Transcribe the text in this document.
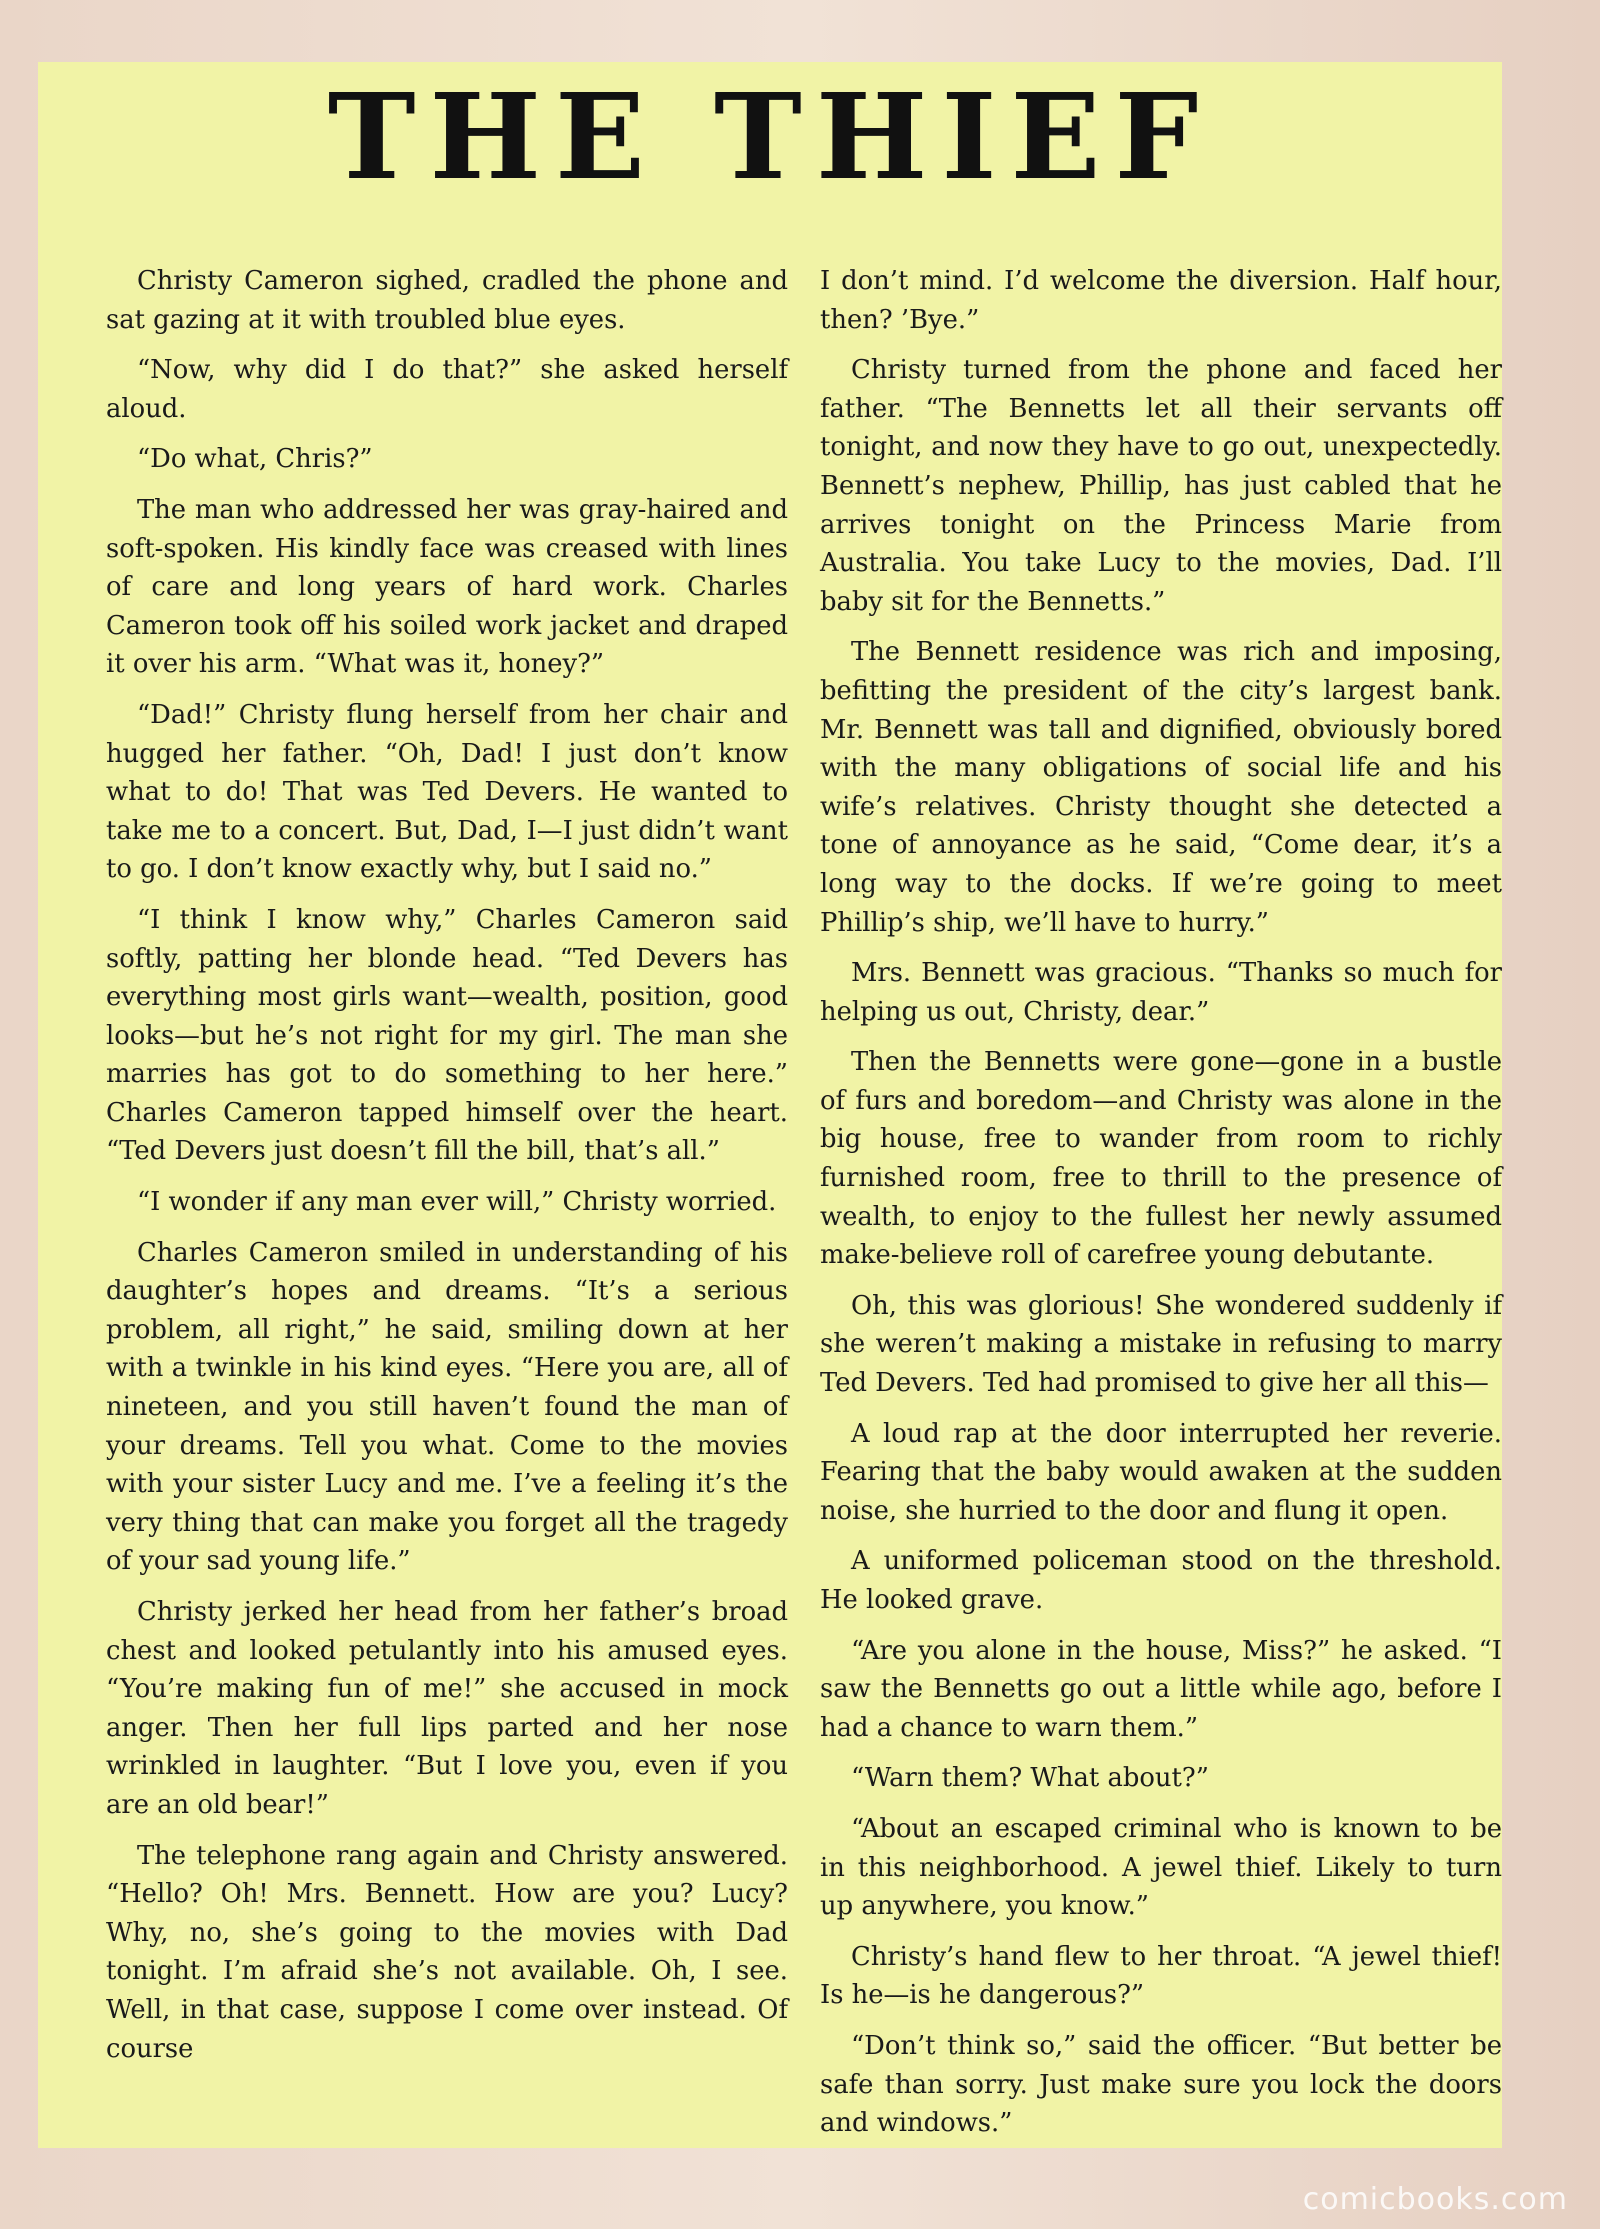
THE THIEF

Christy Cameron sighed, cradled the phone and sat gazing at it with troubled blue eyes.

“Now, why did I do that?” she asked herself aloud.

“Do what, Chris?”

The man who addressed her was gray-haired and soft-spoken. His kindly face was creased with lines of care and long years of hard work. Charles Cameron took off his soiled work jacket and draped it over his arm. “What was it, honey?”

“Dad!” Christy flung herself from her chair and hugged her father. “Oh, Dad! I just don’t know what to do! That was Ted Devers. He wanted to take me to a concert. But, Dad, I—I just didn’t want to go. I don’t know exactly why, but I said no.”

“I think I know why,” Charles Cameron said softly, patting her blonde head. “Ted Devers has everything most girls want—wealth, position, good looks—but he’s not right for my girl. The man she marries has got to do something to her here.” Charles Cameron tapped himself over the heart. “Ted Devers just doesn’t fill the bill, that’s all.”

“I wonder if any man ever will,” Christy worried.

Charles Cameron smiled in understanding of his daughter’s hopes and dreams. “It’s a serious problem, all right,” he said, smiling down at her with a twinkle in his kind eyes. “Here you are, all of nineteen, and you still haven’t found the man of your dreams. Tell you what. Come to the movies with your sister Lucy and me. I’ve a feeling it’s the very thing that can make you forget all the tragedy of your sad young life.”

Christy jerked her head from her father’s broad chest and looked petulantly into his amused eyes. “You’re making fun of me!” she accused in mock anger. Then her full lips parted and her nose wrinkled in laughter. “But I love you, even if you are an old bear!”

The telephone rang again and Christy answered. “Hello? Oh! Mrs. Bennett. How are you? Lucy? Why, no, she’s going to the movies with Dad tonight. I’m afraid she’s not available. Oh, I see. Well, in that case, suppose I come over instead. Of course

I don’t mind. I’d welcome the diversion. Half hour, then? ’Bye.”

Christy turned from the phone and faced her father. “The Bennetts let all their servants off tonight, and now they have to go out, unexpectedly. Bennett’s nephew, Phillip, has just cabled that he arrives tonight on the Princess Marie from Australia. You take Lucy to the movies, Dad. I’ll baby sit for the Bennetts.”

The Bennett residence was rich and imposing, befitting the president of the city’s largest bank. Mr. Bennett was tall and dignified, obviously bored with the many obligations of social life and his wife’s relatives. Christy thought she detected a tone of annoyance as he said, “Come dear, it’s a long way to the docks. If we’re going to meet Phillip’s ship, we’ll have to hurry.”

Mrs. Bennett was gracious. “Thanks so much for helping us out, Christy, dear.”

Then the Bennetts were gone—gone in a bustle of furs and boredom—and Christy was alone in the big house, free to wander from room to richly furnished room, free to thrill to the presence of wealth, to enjoy to the fullest her newly assumed make-believe roll of carefree young debutante.

Oh, this was glorious! She wondered suddenly if she weren’t making a mistake in refusing to marry Ted Devers. Ted had promised to give her all this—

A loud rap at the door interrupted her reverie. Fearing that the baby would awaken at the sudden noise, she hurried to the door and flung it open.

A uniformed policeman stood on the threshold. He looked grave.

“Are you alone in the house, Miss?” he asked. “I saw the Bennetts go out a little while ago, before I had a chance to warn them.”

“Warn them? What about?”

“About an escaped criminal who is known to be in this neighborhood. A jewel thief. Likely to turn up anywhere, you know.”

Christy’s hand flew to her throat. “A jewel thief! Is he—is he dangerous?”

“Don’t think so,” said the officer. “But better be safe than sorry. Just make sure you lock the doors and windows.”

comicbooks.com
